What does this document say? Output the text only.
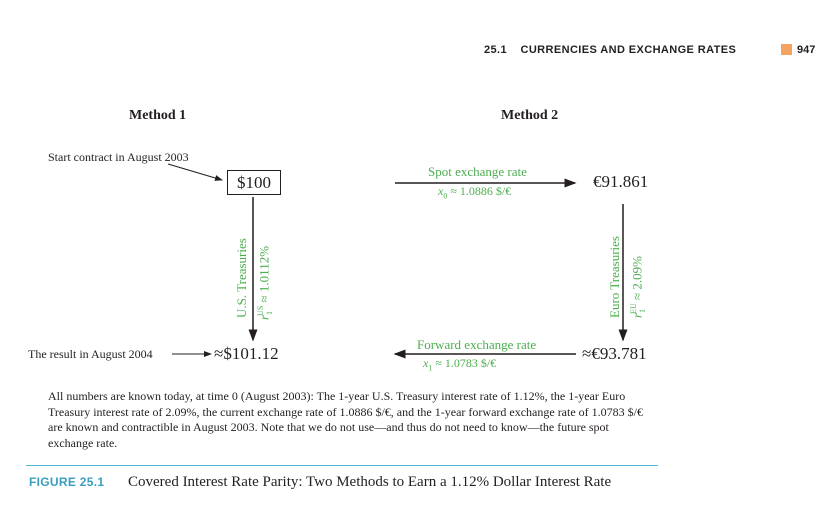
25.1 CURRENCIES AND EXCHANGE RATES	947
Method 1	Method 2
Start contract in August 2003
$100
Spot exchange rate
$x_0 \approx 1.0886$ $/€	€91.861
U.S. Treasuries $r_1^{US} \approx 1.0112\%$	Euro Treasuries $r_1^{EU} \approx 2.09\%$
The result in August 2004	≈$101.12	Forward exchange rate
$x_1 \approx 1.0783$ $/€	≈€93.781
All numbers are known today, at time 0 (August 2003): The 1-year U.S. Treasury interest rate of 1.12%, the 1-year Euro Treasury interest rate of 2.09%, the current exchange rate of 1.0886 $/€, and the 1-year forward exchange rate of 1.0783 $/€ are known and contractible in August 2003. Note that we do not use—and thus do not need to know—the future spot exchange rate.
FIGURE 25.1 Covered Interest Rate Parity: Two Methods to Earn a 1.12% Dollar Interest Rate
